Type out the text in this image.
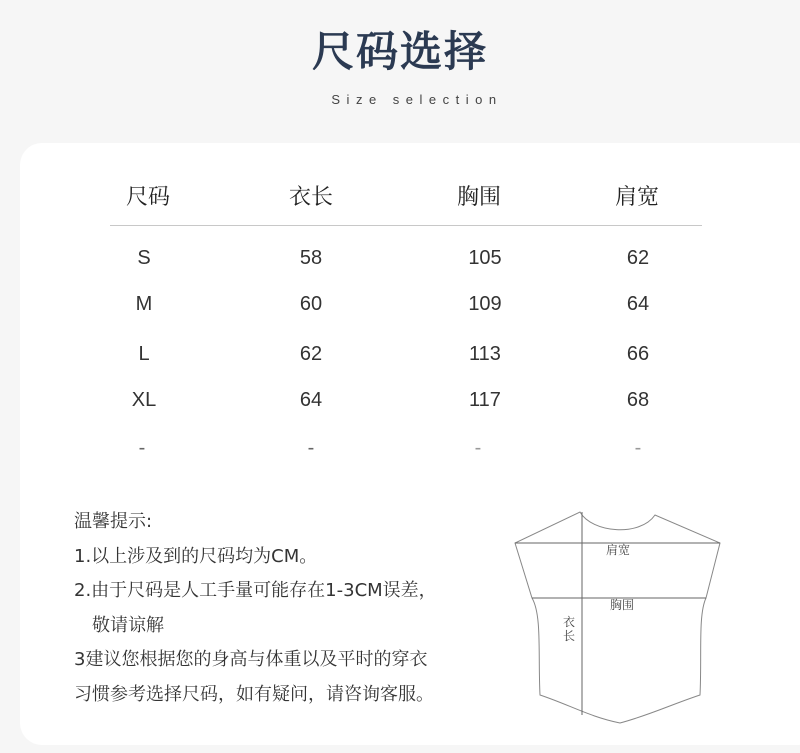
尺码选择
Size selection
尺码	衣长	胸围	肩宽
S	58	105	62
M	60	109	64
L	62	113	66
XL	64	117	68
-	-	-	-
温馨提示:
1.以上涉及到的尺码均为CM。
2.由于尺码是人工手量可能存在1-3CM误差，
敬请谅解
3建议您根据您的身高与体重以及平时的穿衣
习惯参考选择尺码，如有疑问，请咨询客服。
肩宽
胸围
衣
长
